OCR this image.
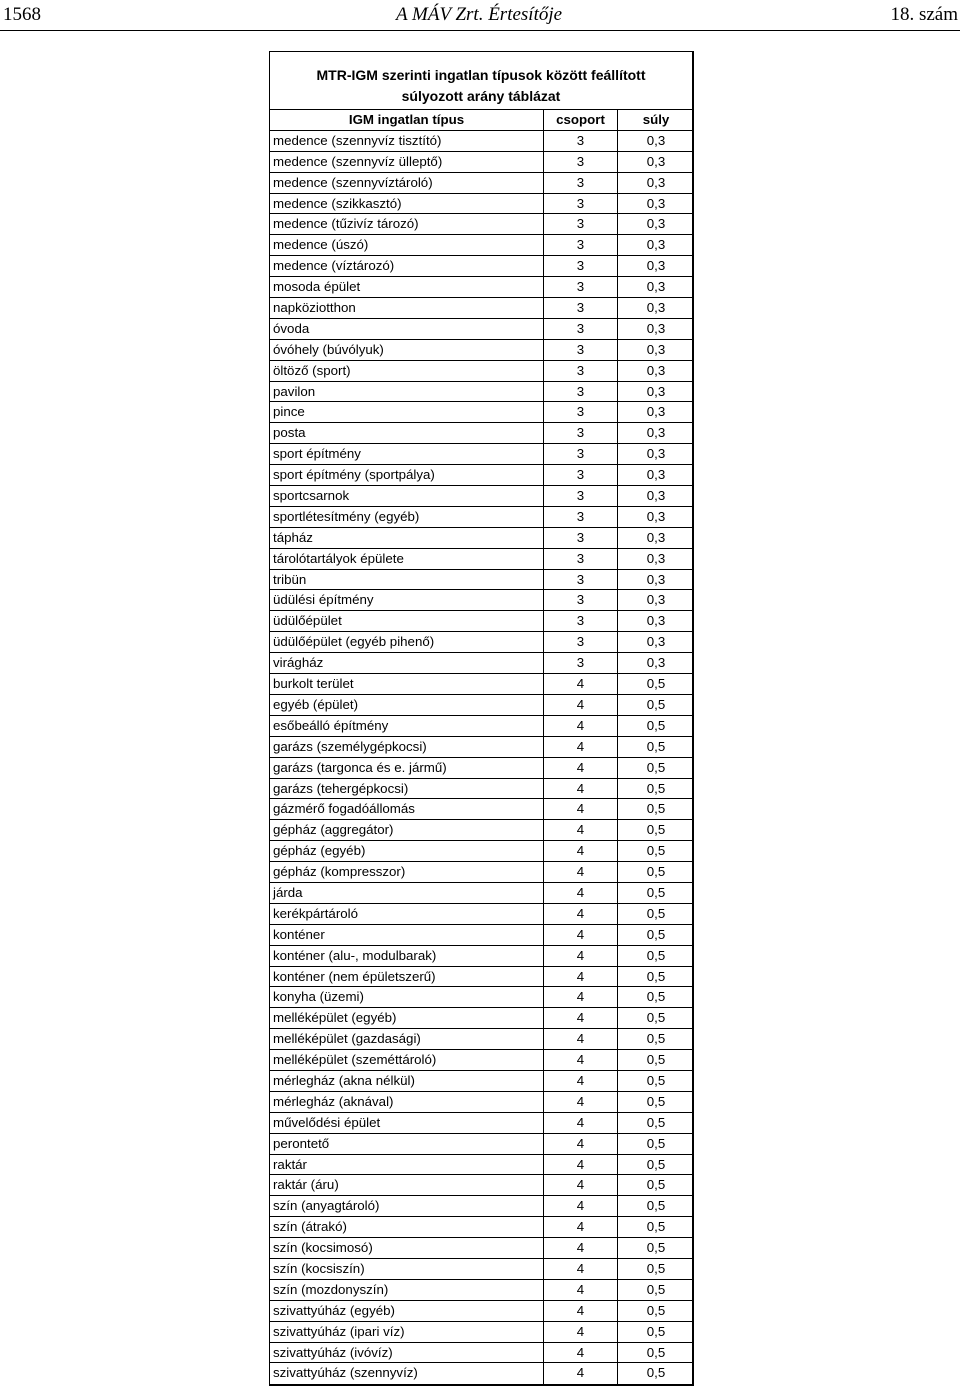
1568	A MÁV Zrt. Értesítője	18. szám
MTR-IGM szerinti ingatlan típusok között feállított
súlyozott arány táblázat
IGM ingatlan típus	csoport	súly
medence (szennyvíz tisztító)	3	0,3
medence (szennyvíz ülleptő)	3	0,3
medence (szennyvíztároló)	3	0,3
medence (szikkasztó)	3	0,3
medence (tűzivíz tározó)	3	0,3
medence (úszó)	3	0,3
medence (víztározó)	3	0,3
mosoda épület	3	0,3
napköziotthon	3	0,3
óvoda	3	0,3
óvóhely (búvólyuk)	3	0,3
öltöző (sport)	3	0,3
pavilon	3	0,3
pince	3	0,3
posta	3	0,3
sport építmény	3	0,3
sport építmény (sportpálya)	3	0,3
sportcsarnok	3	0,3
sportlétesítmény (egyéb)	3	0,3
tápház	3	0,3
tárolótartályok épülete	3	0,3
tribün	3	0,3
üdülési építmény	3	0,3
üdülőépület	3	0,3
üdülőépület (egyéb pihenő)	3	0,3
virágház	3	0,3
burkolt terület	4	0,5
egyéb (épület)	4	0,5
esőbeálló építmény	4	0,5
garázs (személygépkocsi)	4	0,5
garázs (targonca és e. jármű)	4	0,5
garázs (tehergépkocsi)	4	0,5
gázmérő fogadóállomás	4	0,5
gépház (aggregátor)	4	0,5
gépház (egyéb)	4	0,5
gépház (kompresszor)	4	0,5
járda	4	0,5
kerékpártároló	4	0,5
konténer	4	0,5
konténer (alu-, modulbarak)	4	0,5
konténer (nem épületszerű)	4	0,5
konyha (üzemi)	4	0,5
melléképület (egyéb)	4	0,5
melléképület (gazdasági)	4	0,5
melléképület (szeméttároló)	4	0,5
mérlegház (akna nélkül)	4	0,5
mérlegház (aknával)	4	0,5
művelődési épület	4	0,5
perontető	4	0,5
raktár	4	0,5
raktár (áru)	4	0,5
szín (anyagtároló)	4	0,5
szín (átrakó)	4	0,5
szín (kocsimosó)	4	0,5
szín (kocsiszín)	4	0,5
szín (mozdonyszín)	4	0,5
szivattyúház (egyéb)	4	0,5
szivattyúház (ipari víz)	4	0,5
szivattyúház (ivóvíz)	4	0,5
szivattyúház (szennyvíz)	4	0,5
